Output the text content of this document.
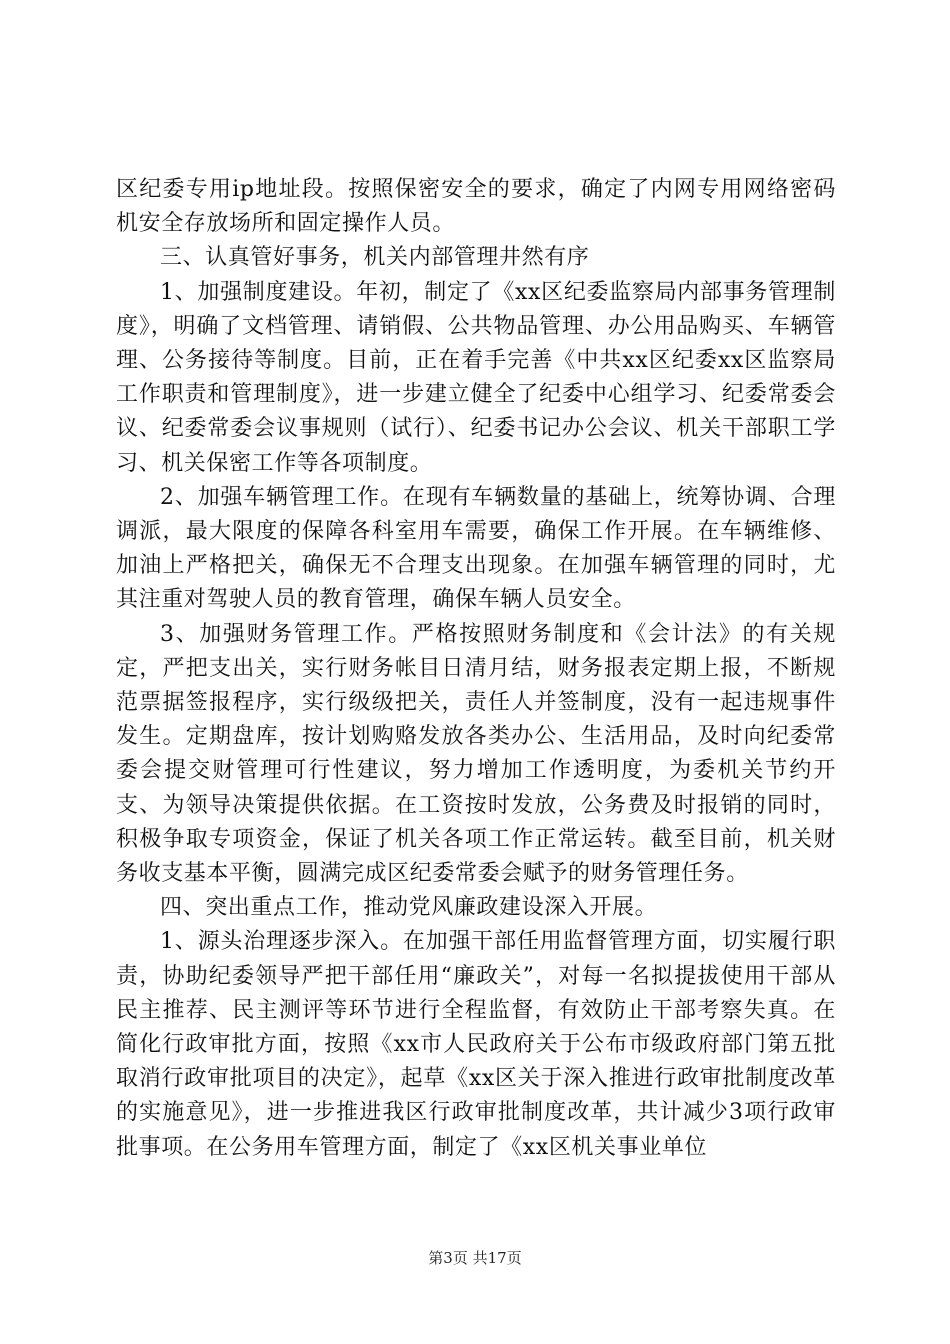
区纪委专用ip地址段。按照保密安全的要求，确定了内网专用网络密码机安全存放场所和固定操作人员。

三、认真管好事务，机关内部管理井然有序

1、加强制度建设。年初，制定了《xx区纪委监察局内部事务管理制度》，明确了文档管理、请销假、公共物品管理、办公用品购买、车辆管理、公务接待等制度。目前，正在着手完善《中共xx区纪委xx区监察局工作职责和管理制度》，进一步建立健全了纪委中心组学习、纪委常委会议、纪委常委会议事规则（试行）、纪委书记办公会议、机关干部职工学习、机关保密工作等各项制度。

2、加强车辆管理工作。在现有车辆数量的基础上，统筹协调、合理调派，最大限度的保障各科室用车需要，确保工作开展。在车辆维修、加油上严格把关，确保无不合理支出现象。在加强车辆管理的同时，尤其注重对驾驶人员的教育管理，确保车辆人员安全。

3、加强财务管理工作。严格按照财务制度和《会计法》的有关规定，严把支出关，实行财务帐目日清月结，财务报表定期上报，不断规范票据签报程序，实行级级把关，责任人并签制度，没有一起违规事件发生。定期盘库，按计划购赂发放各类办公、生活用品，及时向纪委常委会提交财管理可行性建议，努力增加工作透明度，为委机关节约开支、为领导决策提供依据。在工资按时发放，公务费及时报销的同时，积极争取专项资金，保证了机关各项工作正常运转。截至目前，机关财务收支基本平衡，圆满完成区纪委常委会赋予的财务管理任务。

四、突出重点工作，推动党风廉政建设深入开展。

1、源头治理逐步深入。在加强干部任用监督管理方面，切实履行职责，协助纪委领导严把干部任用“廉政关”，对每一名拟提拔使用干部从民主推荐、民主测评等环节进行全程监督，有效防止干部考察失真。在简化行政审批方面，按照《xx市人民政府关于公布市级政府部门第五批取消行政审批项目的决定》，起草《xx区关于深入推进行政审批制度改革的实施意见》，进一步推进我区行政审批制度改革，共计减少3项行政审批事项。在公务用车管理方面，制定了《xx区机关事业单位

第3页 共17页
